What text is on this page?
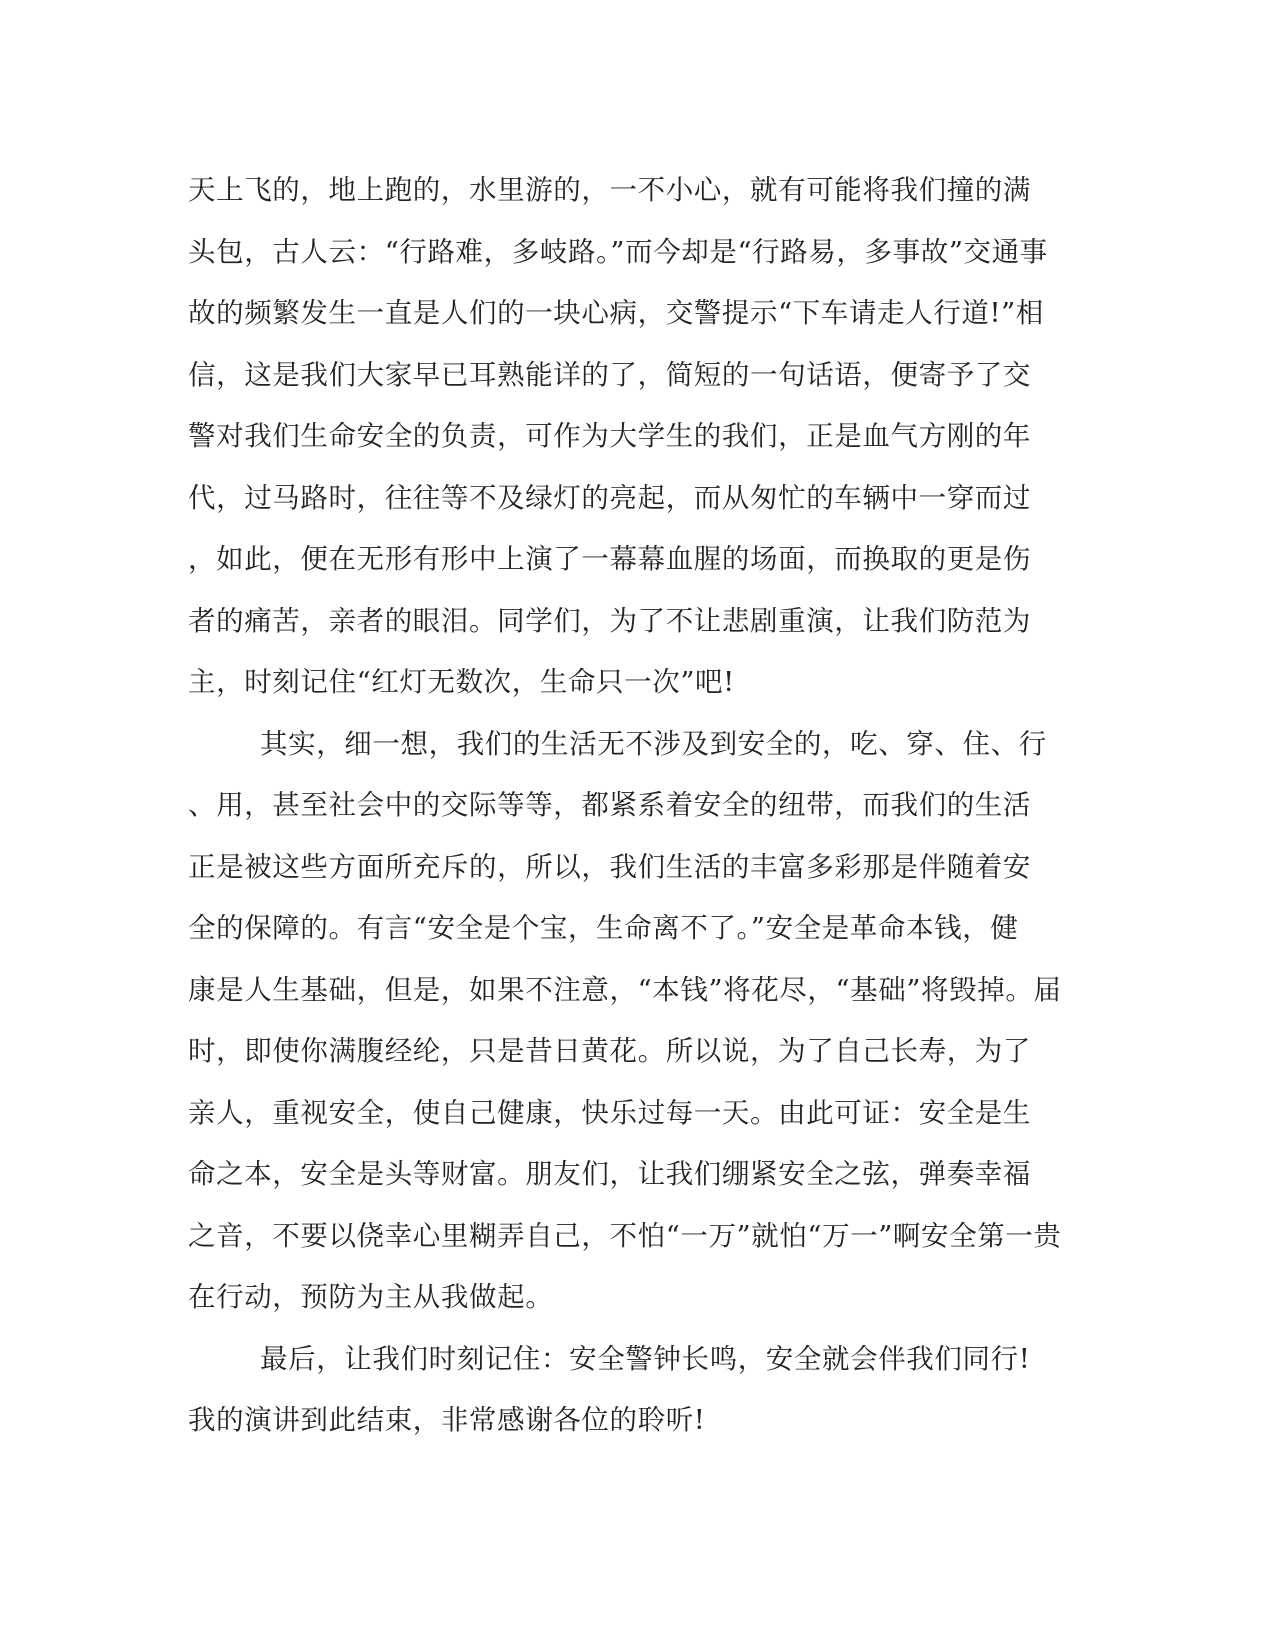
天上飞的，地上跑的，水里游的，一不小心，就有可能将我们撞的满
头包，古人云：“行路难，多岐路。”而今却是“行路易，多事故”交通事
故的频繁发生一直是人们的一块心病，交警提示“下车请走人行道!”相
信，这是我们大家早已耳熟能详的了，简短的一句话语，便寄予了交
警对我们生命安全的负责，可作为大学生的我们，正是血气方刚的年
代，过马路时，往往等不及绿灯的亮起，而从匆忙的车辆中一穿而过
，如此，便在无形有形中上演了一幕幕血腥的场面，而换取的更是伤
者的痛苦，亲者的眼泪。同学们，为了不让悲剧重演，让我们防范为
主，时刻记住“红灯无数次，生命只一次”吧!
其实，细一想，我们的生活无不涉及到安全的，吃、穿、住、行
、用，甚至社会中的交际等等，都紧系着安全的纽带，而我们的生活
正是被这些方面所充斥的，所以，我们生活的丰富多彩那是伴随着安
全的保障的。有言“安全是个宝，生命离不了。”安全是革命本钱，健
康是人生基础，但是，如果不注意，“本钱”将花尽，“基础”将毁掉。届
时，即使你满腹经纶，只是昔日黄花。所以说，为了自己长寿，为了
亲人，重视安全，使自己健康，快乐过每一天。由此可证：安全是生
命之本，安全是头等财富。朋友们，让我们绷紧安全之弦，弹奏幸福
之音，不要以侥幸心里糊弄自己，不怕“一万”就怕“万一”啊安全第一贵
在行动，预防为主从我做起。
最后，让我们时刻记住：安全警钟长鸣，安全就会伴我们同行!
我的演讲到此结束，非常感谢各位的聆听!
